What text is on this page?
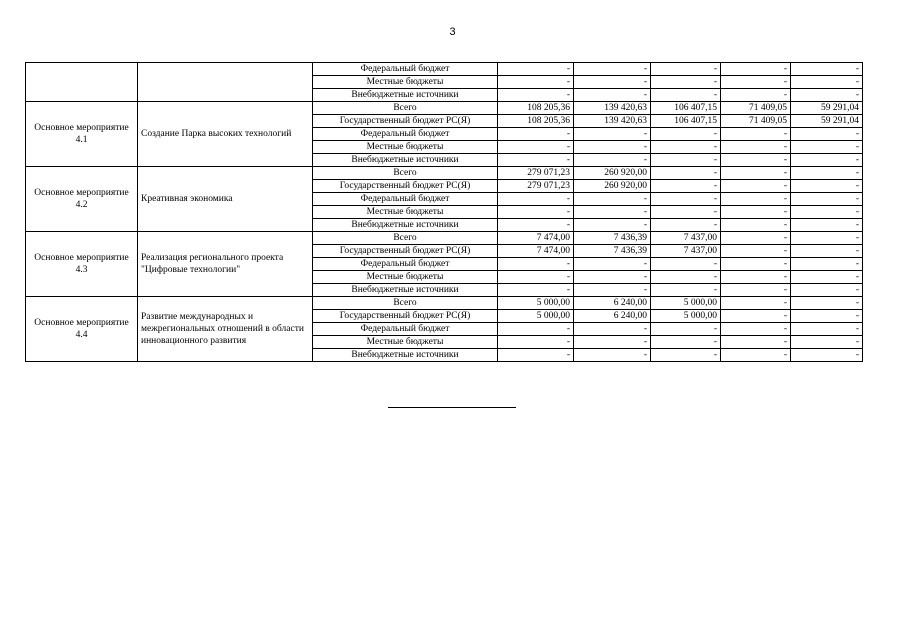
3
		Федеральный бюджет	-	-	-	-	-
		Местные бюджеты	-	-	-	-	-
		Внебюджетные источники	-	-	-	-	-
Основное мероприятие 4.1	Создание Парка высоких технологий	Всего	108 205,36	139 420,63	106 407,15	71 409,05	59 291,04
		Государственный бюджет РС(Я)	108 205,36	139 420,63	106 407,15	71 409,05	59 291,04
		Федеральный бюджет	-	-	-	-	-
		Местные бюджеты	-	-	-	-	-
		Внебюджетные источники	-	-	-	-	-
Основное мероприятие 4.2	Креативная экономика	Всего	279 071,23	260 920,00	-	-	-
		Государственный бюджет РС(Я)	279 071,23	260 920,00	-	-	-
		Федеральный бюджет	-	-	-	-	-
		Местные бюджеты	-	-	-	-	-
		Внебюджетные источники	-	-	-	-	-
Основное мероприятие 4.3	Реализация регионального проекта "Цифровые технологии"	Всего	7 474,00	7 436,39	7 437,00	-	-
		Государственный бюджет РС(Я)	7 474,00	7 436,39	7 437,00	-	-
		Федеральный бюджет	-	-	-	-	-
		Местные бюджеты	-	-	-	-	-
		Внебюджетные источники	-	-	-	-	-
Основное мероприятие 4.4	Развитие международных и межрегиональных отношений в области инновационного развития	Всего	5 000,00	6 240,00	5 000,00	-	-
		Государственный бюджет РС(Я)	5 000,00	6 240,00	5 000,00	-	-
		Федеральный бюджет	-	-	-	-	-
		Местные бюджеты	-	-	-	-	-
		Внебюджетные источники	-	-	-	-	-
